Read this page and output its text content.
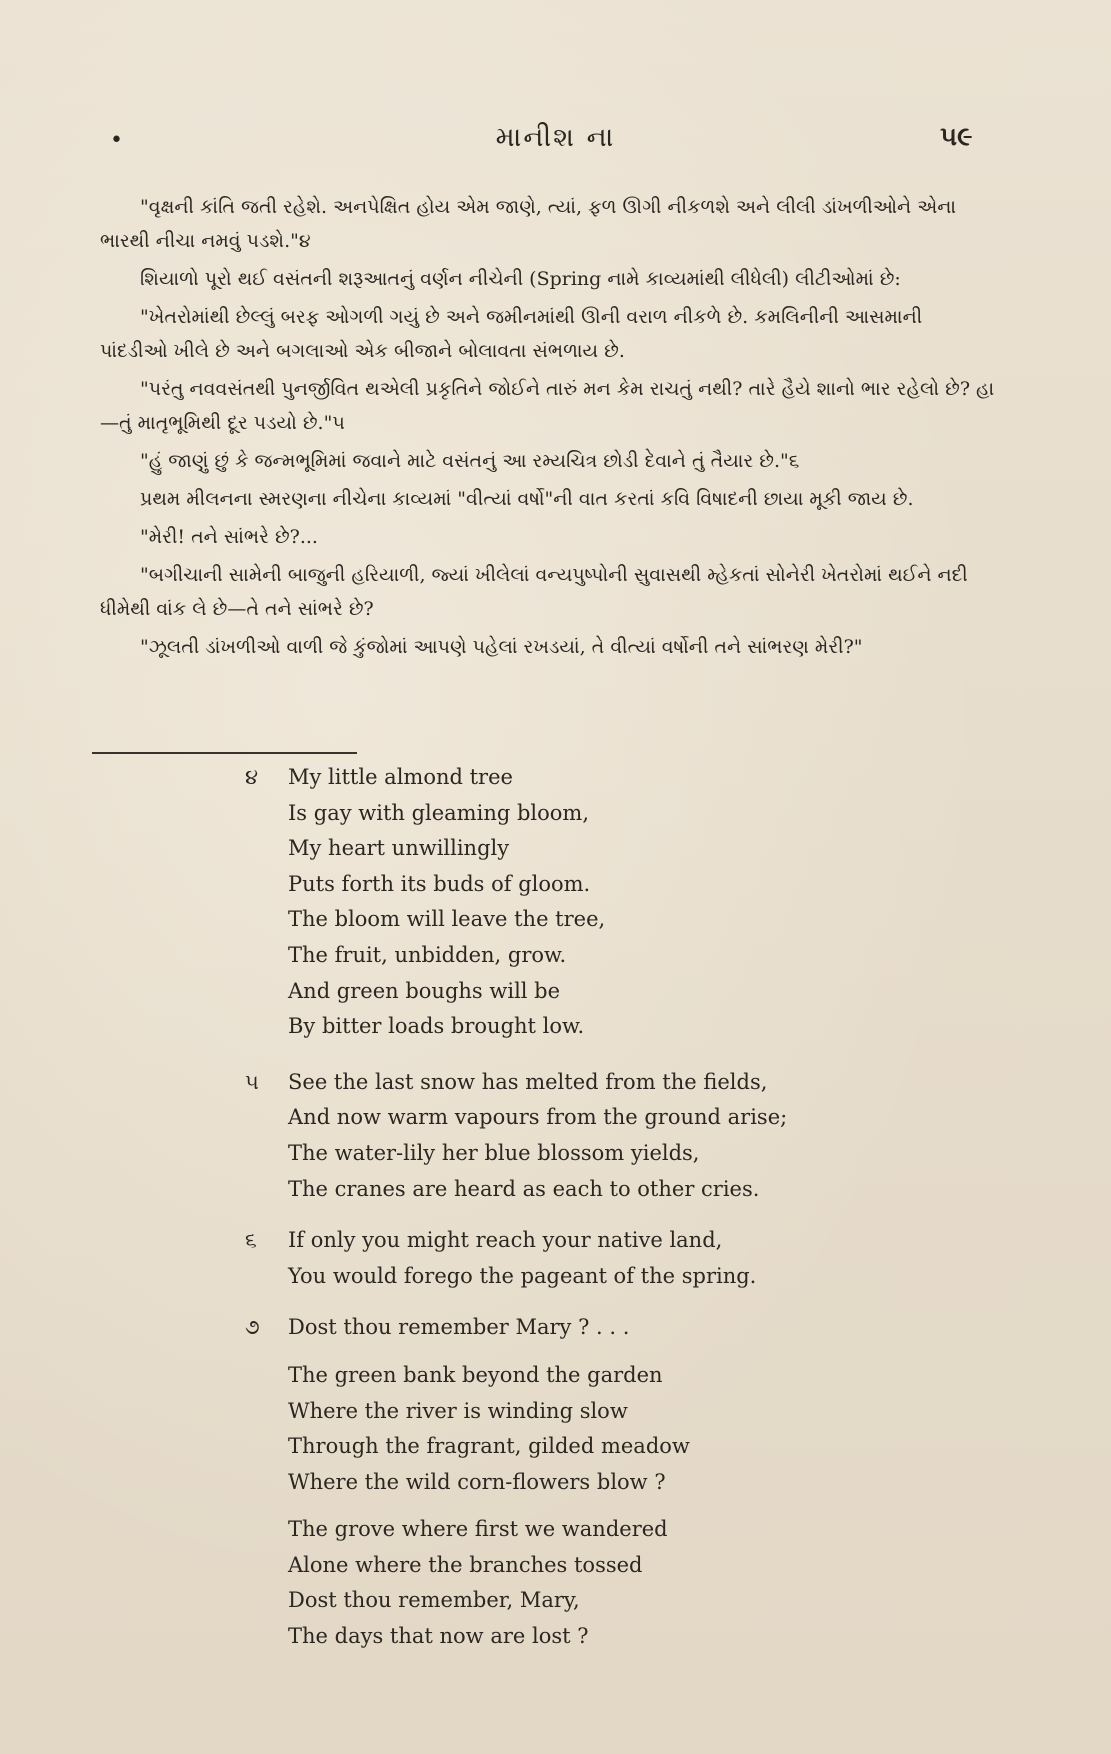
•	માનીશ ના	૫૯

"વૃક્ષની કાંતિ જતી રહેશે. અનપેક્ષિત હોય એમ જાણે, ત્યાં, ફળ ઊગી નીકળશે અને લીલી ડાંખળીઓને એના ભારથી નીચા નમવું પડશે."૪

શિયાળો પૂરો થઈ વસંતની શરૂઆતનું વર્ણન નીચેની (Spring નામે કાવ્યમાંથી લીધેલી) લીટીઓમાં છે:

"ખેતરોમાંથી છેલ્લું બરફ ઓગળી ગયું છે અને જમીનમાંથી ઊની વરાળ નીકળે છે. કમલિનીની આસમાની પાંદડીઓ ખીલે છે અને બગલાઓ એક બીજાને બોલાવતા સંભળાય છે.

"પરંતુ નવવસંતથી પુનર્જીવિત થએલી પ્રકૃતિને જોઈને તારું મન કેમ રાચતું નથી? તારે હૈયે શાનો ભાર રહેલો છે? હા—તું માતૃભૂમિથી દૂર પડયો છે."૫

"હું જાણું છું કે જન્મભૂમિમાં જવાને માટે વસંતનું આ રમ્યચિત્ર છોડી દેવાને તું તૈયાર છે."૬

પ્રથમ મીલનના સ્મરણના નીચેના કાવ્યમાં "વીત્યાં વર્ષો"ની વાત કરતાં કવિ વિષાદની છાયા મૂકી જાય છે.

"મેરી! તને સાંભરે છે?...

"બગીચાની સામેની બાજુની હરિયાળી, જ્યાં ખીલેલાં વન્યપુષ્પોની સુવાસથી મ્હેકતાં સોનેરી ખેતરોમાં થઈને નદી ધીમેથી વાંક લે છે—તે તને સાંભરે છે?

"ઝૂલતી ડાંખળીઓ વાળી જે કુંજોમાં આપણે પહેલાં રખડયાં, તે વીત્યાં વર્ષોની તને સાંભરણ મેરી?"

૪	My little almond tree
Is gay with gleaming bloom,
My heart unwillingly
Puts forth its buds of gloom.
The bloom will leave the tree,
The fruit, unbidden, grow.
And green boughs will be
By bitter loads brought low.
૫	See the last snow has melted from the fields,
And now warm vapours from the ground arise;
The water-lily her blue blossom yields,
The cranes are heard as each to other cries.
૬	If only you might reach your native land,
You would forego the pageant of the spring.
૭	Dost thou remember Mary ? . . .
The green bank beyond the garden
Where the river is winding slow
Through the fragrant, gilded meadow
Where the wild corn-flowers blow ?
The grove where first we wandered
Alone where the branches tossed
Dost thou remember, Mary,
The days that now are lost ?
